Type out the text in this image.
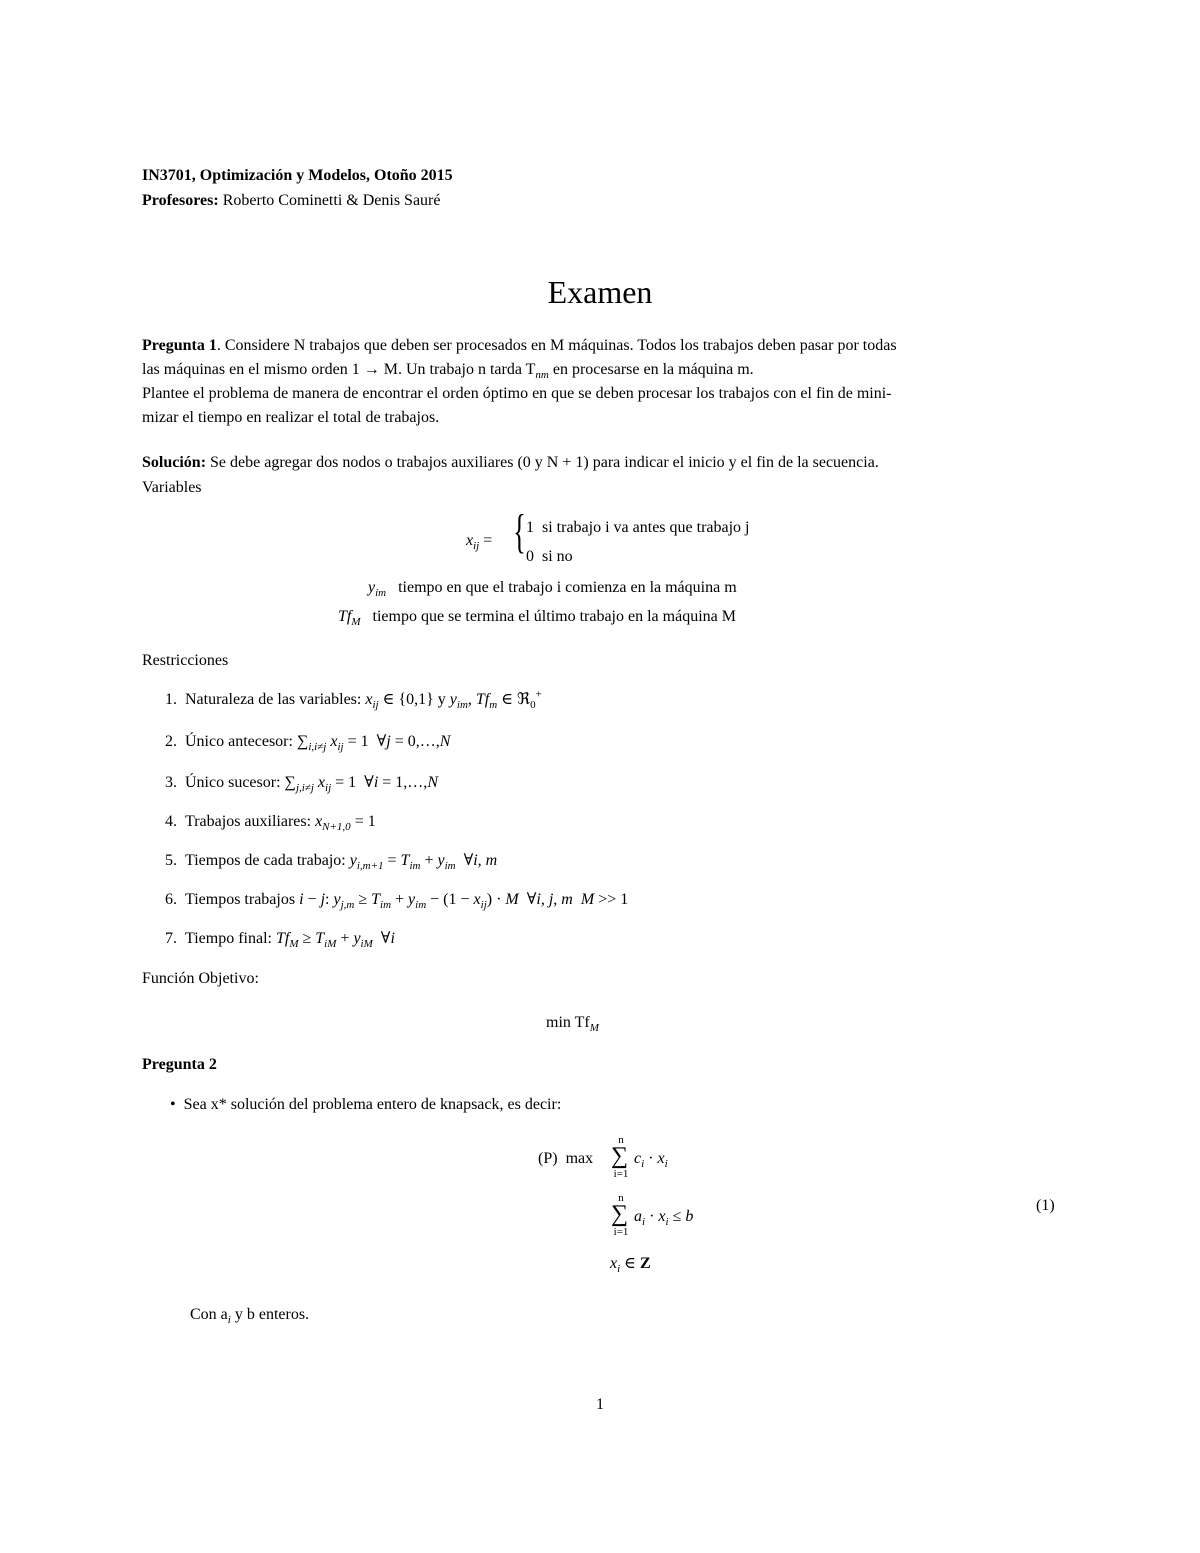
IN3701, Optimización y Modelos, Otoño 2015
Profesores: Roberto Cominetti & Denis Sauré
Examen
Pregunta 1. Considere N trabajos que deben ser procesados en M máquinas. Todos los trabajos deben pasar por todas
las máquinas en el mismo orden 1 → M. Un trabajo n tarda $T_{nm}$ en procesarse en la máquina m.
Plantee el problema de manera de encontrar el orden óptimo en que se deben procesar los trabajos con el fin de mini-
mizar el tiempo en realizar el total de trabajos.
Solución: Se debe agregar dos nodos o trabajos auxiliares (0 y N + 1) para indicar el inicio y el fin de la secuencia.
Variables
$x_{ij}$ = { 1 si trabajo i va antes que trabajo j
0 si no
$y_{im}$ tiempo en que el trabajo i comienza en la máquina m
$Tf_M$ tiempo que se termina el último trabajo en la máquina M
Restricciones
1. Naturaleza de las variables: $x_{ij}$ ∈ {0,1} y $y_{im}$, $Tf_m$ ∈ ℜ$_0$+
2. Único antecesor: $\sum_{i,i\ne j}$ $x_{ij} = 1$  ∀j = 0,…,N
3. Único sucesor: $\sum_{j,i\ne j}$ $x_{ij} = 1$  ∀i = 1,…,N
4. Trabajos auxiliares: $x_{N+1,0} = 1$
5. Tiempos de cada trabajo: $y_{i,m+1} = T_{im} + y_{im}$  ∀i, m
6. Tiempos trabajos i − j: $y_{j,m} \ge T_{im} + y_{im} - (1 - x_{ij}) \cdot M$  ∀i, j, m M >> 1
7. Tiempo final: $Tf_M \ge T_{iM} + y_{iM}$  ∀i
Función Objetivo:
$\min Tf_M$
Pregunta 2
• Sea x* solución del problema entero de knapsack, es decir:
(P)  max
n
∑
i=1
$c_i \cdot x_i$
n
∑
i=1
$a_i \cdot x_i \le b$
(1)
$x_i$ ∈ Z
Con $a_i$ y b enteros.
1
